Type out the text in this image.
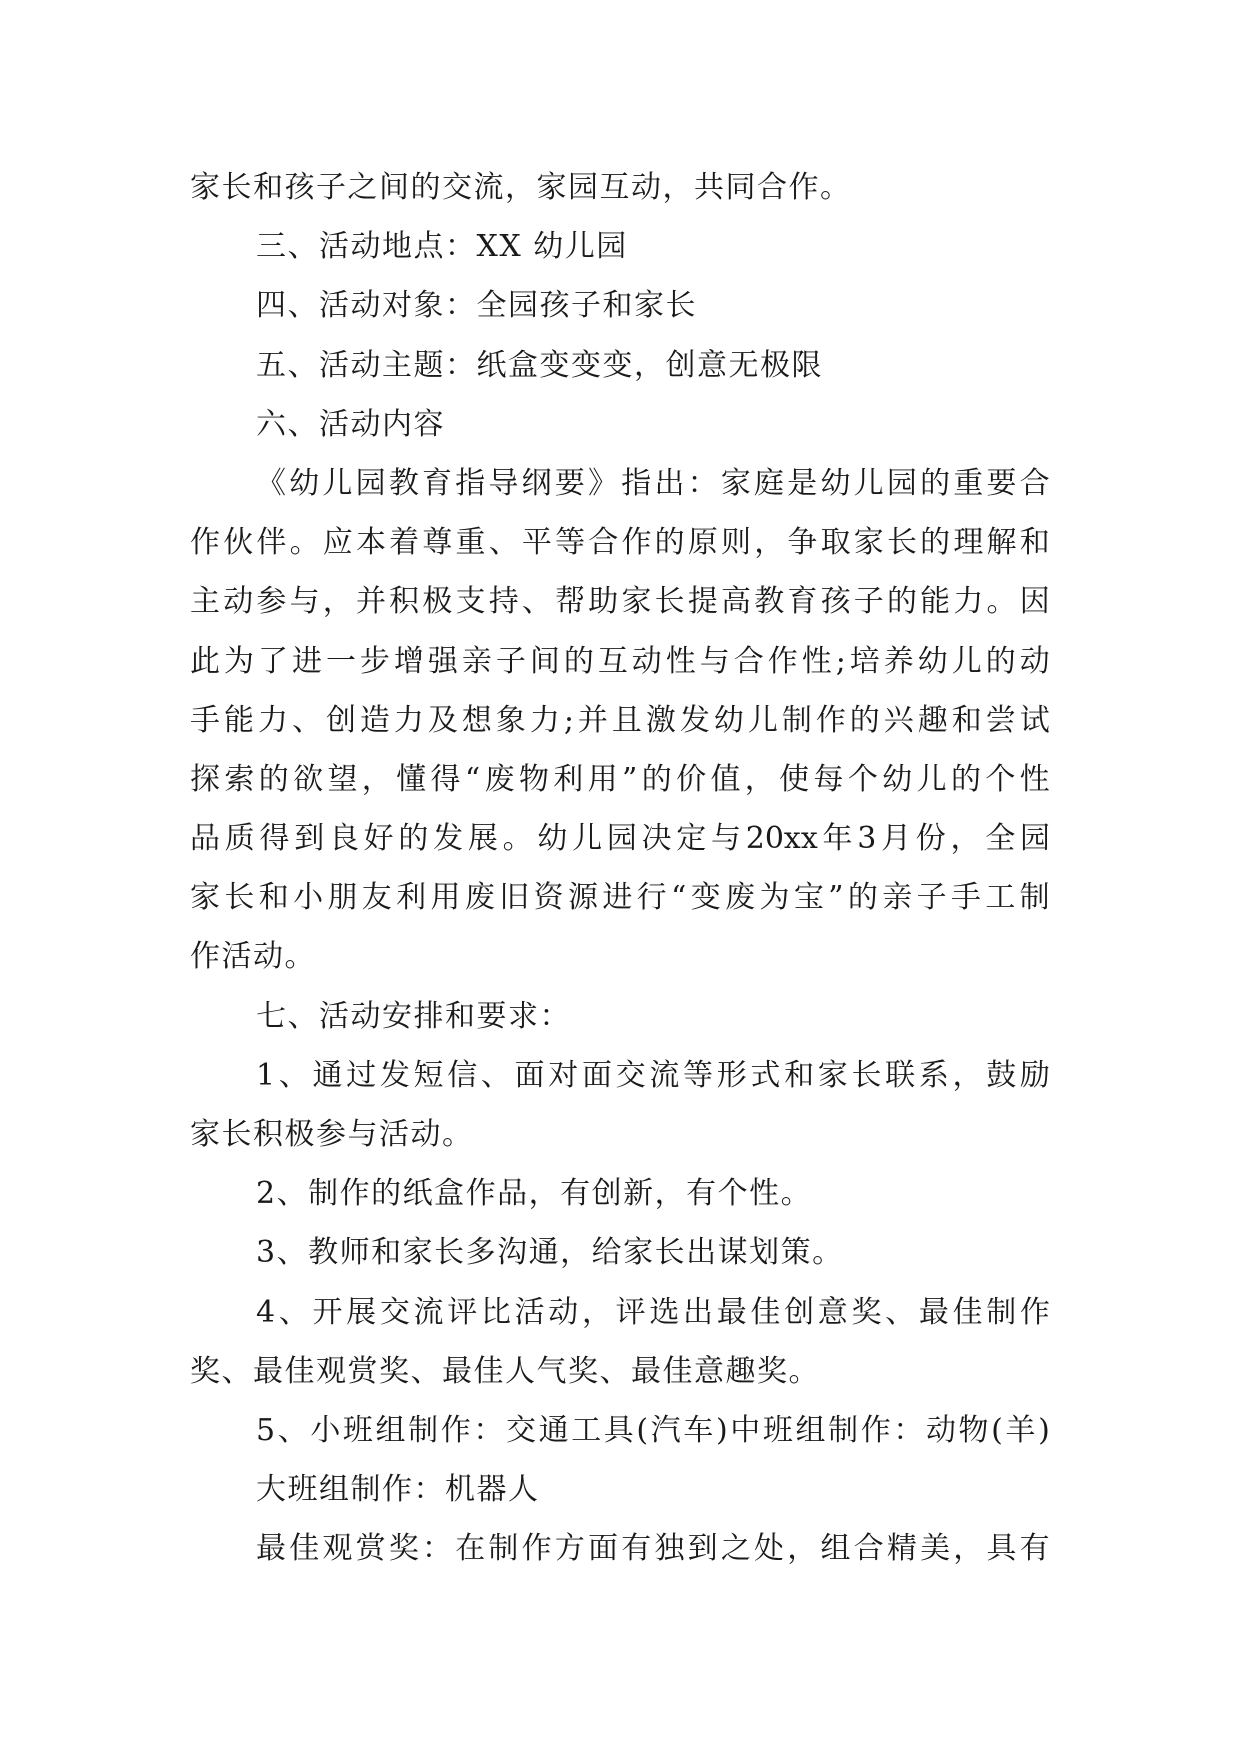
家长和孩子之间的交流，家园互动，共同合作。
三、活动地点：XX 幼儿园
四、活动对象：全园孩子和家长
五、活动主题：纸盒变变变，创意无极限
六、活动内容
《 幼 儿 园 教 育 指 导 纲 要 》 指 出 ： 家 庭 是 幼 儿 园 的 重 要 合
作 伙 伴 。 应 本 着 尊 重 、 平 等 合 作 的 原 则 ， 争 取 家 长 的 理 解 和
主 动 参 与 ， 并 积 极 支 持 、 帮 助 家 长 提 高 教 育 孩 子 的 能 力 。 因
此 为 了 进 一 步 增 强 亲 子 间 的 互 动 性 与 合 作 性 ; 培 养 幼 儿 的 动
手 能 力 、 创 造 力 及 想 象 力 ; 并 且 激 发 幼 儿 制 作 的 兴 趣 和 尝 试
探 索 的 欲 望 ， 懂 得 “ 废 物 利 用 ” 的 价 值 ， 使 每 个 幼 儿 的 个 性
品 质 得 到 良 好 的 发 展 。 幼 儿 园 决 定 与 20xx 年 3 月 份 ， 全 园
家 长 和 小 朋 友 利 用 废 旧 资 源 进 行 “ 变 废 为 宝 ” 的 亲 子 手 工 制
作活动。
七、活动安排和要求：
1 、 通 过 发 短 信 、 面 对 面 交 流 等 形 式 和 家 长 联 系 ， 鼓 励
家长积极参与活动。
2、制作的纸盒作品，有创新，有个性。
3、教师和家长多沟通，给家长出谋划策。
4 、 开 展 交 流 评 比 活 动 ， 评 选 出 最 佳 创 意 奖 、 最 佳 制 作
奖、最佳观赏奖、最佳人气奖、最佳意趣奖。
5 、 小 班 组 制 作 ： 交 通 工 具 ( 汽 车 ) 中 班 组 制 作 ： 动 物 ( 羊 )
大班组制作：机器人
最 佳 观 赏 奖 ： 在 制 作 方 面 有 独 到 之 处 ， 组 合 精 美 ， 具 有
